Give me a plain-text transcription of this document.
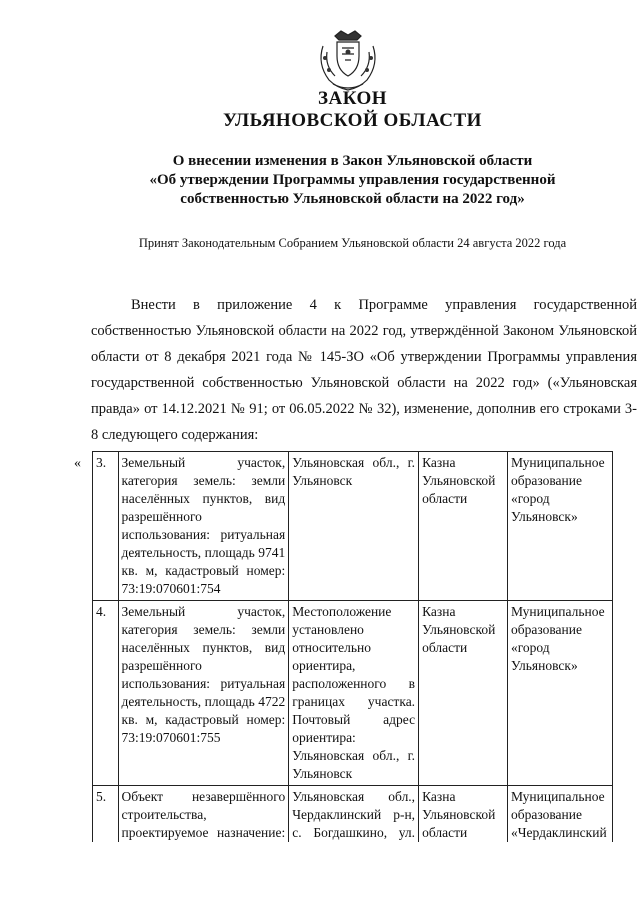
ЗАКОН
УЛЬЯНОВСКОЙ ОБЛАСТИ
О внесении изменения в Закон Ульяновской области
«Об утверждении Программы управления государственной
собственностью Ульяновской области на 2022 год»
Принят Законодательным Собранием Ульяновской области 24 августа 2022 года
Внести в приложение 4 к Программе управления государственной собственностью Ульяновской области на 2022 год, утверждённой Законом Ульяновской области от 8 декабря 2021 года № 145-ЗО «Об утверждении Программы управления государственной собственностью Ульяновской области на 2022 год» («Ульяновская правда» от 14.12.2021 № 91; от 06.05.2022 № 32), изменение, дополнив его строками 3-8 следующего содержания:
« 3.	Земельный участок, категория земель: земли населённых пунктов, вид разрешённого использования: ритуальная деятельность, площадь 9741 кв. м, кадастровый номер: 73:19:070601:754	Ульяновская обл., г. Ульяновск	Казна Ульяновской области	Муниципальное образование «город Ульяновск»
4.	Земельный участок, категория земель: земли населённых пунктов, вид разрешённого использования: ритуальная деятельность, площадь 4722 кв. м, кадастровый номер: 73:19:070601:755	Местоположение установлено относительно ориентира, расположенного в границах участка. Почтовый адрес ориентира: Ульяновская обл., г. Ульяновск	Казна Ульяновской области	Муниципальное образование «город Ульяновск»
5.	Объект незавершённого строительства, проектируемое назначение:	Ульяновская обл., Чердаклинский р-н, с. Богдашкино, ул.	Казна Ульяновской области	Муниципальное образование «Чердаклинский
